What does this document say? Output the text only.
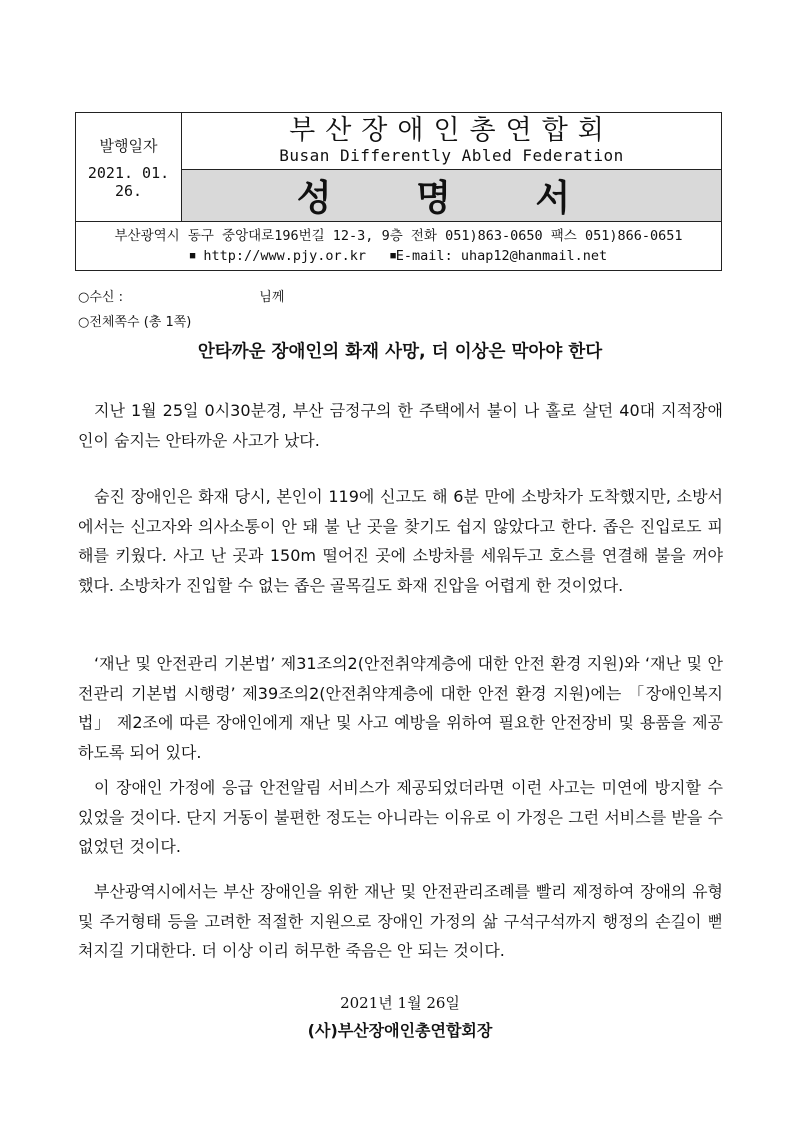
발행일자
2021. 01. 26.	
부산장애인총연합회
Busan Differently Abled Federation

성 명 서

부산광역시 동구 중앙대로196번길 12-3, 9층 전화 051)863-0650 팩스 051)866-0651
■ http://www.pjy.or.kr	■E-mail: uhap12@hanmail.net
○수신 :	님께
○전체쪽수 (총 1쪽)
안타까운 장애인의 화재 사망, 더 이상은 막아야 한다

지난 1월 25일 0시30분경, 부산 금정구의 한 주택에서 불이 나 홀로 살던 40대 지적장애인이 숨지는 안타까운 사고가 났다.

숨진 장애인은 화재 당시, 본인이 119에 신고도 해 6분 만에 소방차가 도착했지만, 소방서에서는 신고자와 의사소통이 안 돼 불 난 곳을 찾기도 쉽지 않았다고 한다. 좁은 진입로도 피해를 키웠다. 사고 난 곳과 150m 떨어진 곳에 소방차를 세워두고 호스를 연결해 불을 꺼야 했다. 소방차가 진입할 수 없는 좁은 골목길도 화재 진압을 어렵게 한 것이었다.

‘재난 및 안전관리 기본법’ 제31조의2(안전취약계층에 대한 안전 환경 지원)와 ‘재난 및 안전관리 기본법 시행령’ 제39조의2(안전취약계층에 대한 안전 환경 지원)에는 「장애인복지법」 제2조에 따른 장애인에게 재난 및 사고 예방을 위하여 필요한 안전장비 및 용품을 제공하도록 되어 있다.

이 장애인 가정에 응급 안전알림 서비스가 제공되었더라면 이런 사고는 미연에 방지할 수 있었을 것이다. 단지 거동이 불편한 정도는 아니라는 이유로 이 가정은 그런 서비스를 받을 수 없었던 것이다.

부산광역시에서는 부산 장애인을 위한 재난 및 안전관리조례를 빨리 제정하여 장애의 유형 및 주거형태 등을 고려한 적절한 지원으로 장애인 가정의 삶 구석구석까지 행정의 손길이 뻗쳐지길 기대한다. 더 이상 이리 허무한 죽음은 안 되는 것이다.

2021년 1월 26일
(사)부산장애인총연합회장
